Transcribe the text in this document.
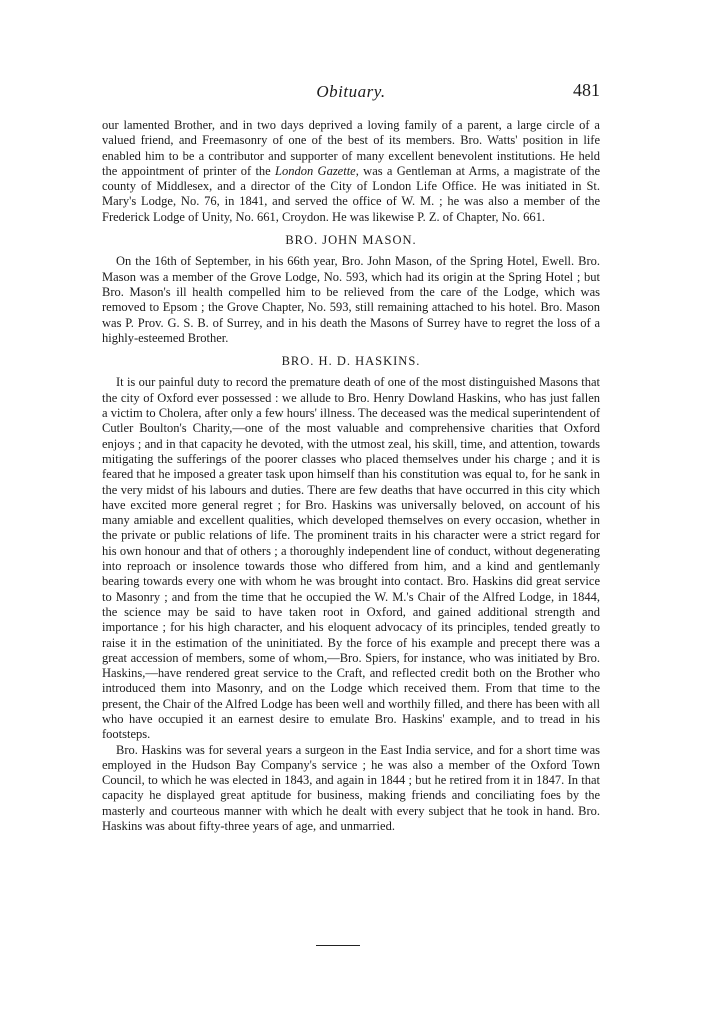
Obituary.	481

our lamented Brother, and in two days deprived a loving family of a parent, a large circle of a valued friend, and Freemasonry of one of the best of its members. Bro. Watts' position in life enabled him to be a contributor and supporter of many excellent benevolent institutions. He held the appointment of printer of the London Gazette, was a Gentleman at Arms, a magistrate of the county of Middlesex, and a director of the City of London Life Office. He was initiated in St. Mary's Lodge, No. 76, in 1841, and served the office of W. M. ; he was also a member of the Frederick Lodge of Unity, No. 661, Croydon. He was likewise P. Z. of Chapter, No. 661.

BRO. JOHN MASON.

On the 16th of September, in his 66th year, Bro. John Mason, of the Spring Hotel, Ewell. Bro. Mason was a member of the Grove Lodge, No. 593, which had its origin at the Spring Hotel ; but Bro. Mason's ill health compelled him to be relieved from the care of the Lodge, which was removed to Epsom ; the Grove Chapter, No. 593, still remaining attached to his hotel. Bro. Mason was P. Prov. G. S. B. of Surrey, and in his death the Masons of Surrey have to regret the loss of a highly-esteemed Brother.

BRO. H. D. HASKINS.

It is our painful duty to record the premature death of one of the most distinguished Masons that the city of Oxford ever possessed : we allude to Bro. Henry Dowland Haskins, who has just fallen a victim to Cholera, after only a few hours' illness. The deceased was the medical superintendent of Cutler Boulton's Charity,—one of the most valuable and comprehensive charities that Oxford enjoys ; and in that capacity he devoted, with the utmost zeal, his skill, time, and attention, towards mitigating the sufferings of the poorer classes who placed themselves under his charge ; and it is feared that he imposed a greater task upon himself than his constitution was equal to, for he sank in the very midst of his labours and duties. There are few deaths that have occurred in this city which have excited more general regret ; for Bro. Haskins was universally beloved, on account of his many amiable and excellent qualities, which developed themselves on every occasion, whether in the private or public relations of life. The prominent traits in his character were a strict regard for his own honour and that of others ; a thoroughly independent line of conduct, without degenerating into reproach or insolence towards those who differed from him, and a kind and gentlemanly bearing towards every one with whom he was brought into contact. Bro. Haskins did great service to Masonry ; and from the time that he occupied the W. M.'s Chair of the Alfred Lodge, in 1844, the science may be said to have taken root in Oxford, and gained additional strength and importance ; for his high character, and his eloquent advocacy of its principles, tended greatly to raise it in the estimation of the uninitiated. By the force of his example and precept there was a great accession of members, some of whom,—Bro. Spiers, for instance, who was initiated by Bro. Haskins,—have rendered great service to the Craft, and reflected credit both on the Brother who introduced them into Masonry, and on the Lodge which received them. From that time to the present, the Chair of the Alfred Lodge has been well and worthily filled, and there has been with all who have occupied it an earnest desire to emulate Bro. Haskins' example, and to tread in his footsteps.

Bro. Haskins was for several years a surgeon in the East India service, and for a short time was employed in the Hudson Bay Company's service ; he was also a member of the Oxford Town Council, to which he was elected in 1843, and again in 1844 ; but he retired from it in 1847. In that capacity he displayed great aptitude for business, making friends and conciliating foes by the masterly and courteous manner with which he dealt with every subject that he took in hand. Bro. Haskins was about fifty-three years of age, and unmarried.
